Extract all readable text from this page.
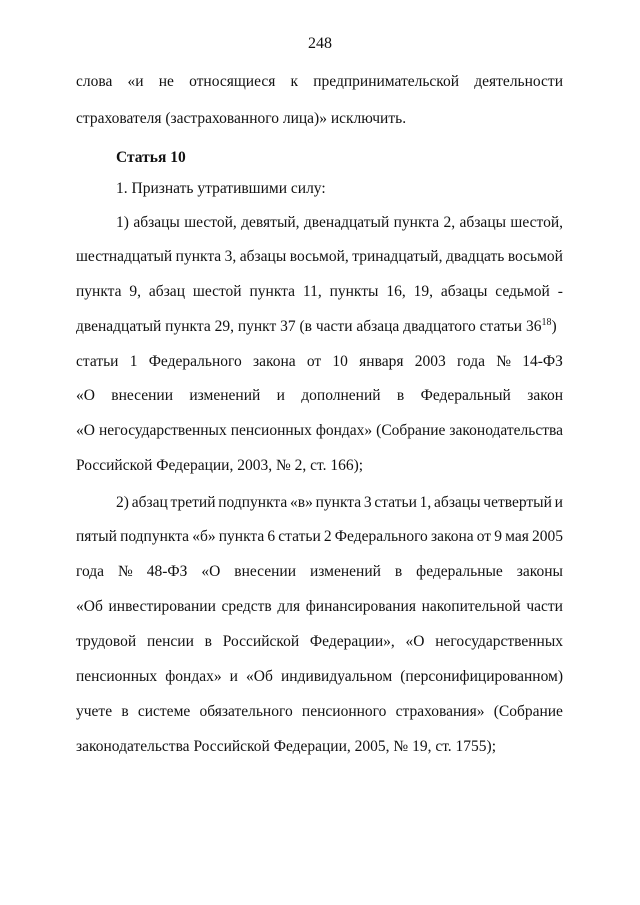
248
слова «и не относящиеся к предпринимательской деятельности
страхователя (застрахованного лица)» исключить.
Статья 10
1. Признать утратившими силу:
1) абзацы шестой, девятый, двенадцатый пункта 2, абзацы шестой,
шестнадцатый пункта 3, абзацы восьмой, тринадцатый, двадцать восьмой
пункта 9, абзац шестой пункта 11, пункты 16, 19, абзацы седьмой -
двенадцатый пункта 29, пункт 37 (в части абзаца двадцатого статьи $36^{18}$)
статьи 1 Федерального закона от 10 января 2003 года № 14-ФЗ
«О внесении изменений и дополнений в Федеральный закон
«О негосударственных пенсионных фондах» (Собрание законодательства
Российской Федерации, 2003, № 2, ст. 166);
2) абзац третий подпункта «в» пункта 3 статьи 1, абзацы четвертый и
пятый подпункта «б» пункта 6 статьи 2 Федерального закона от 9 мая 2005
года № 48-ФЗ «О внесении изменений в федеральные законы
«Об инвестировании средств для финансирования накопительной части
трудовой пенсии в Российской Федерации», «О негосударственных
пенсионных фондах» и «Об индивидуальном (персонифицированном)
учете в системе обязательного пенсионного страхования» (Собрание
законодательства Российской Федерации, 2005, № 19, ст. 1755);
